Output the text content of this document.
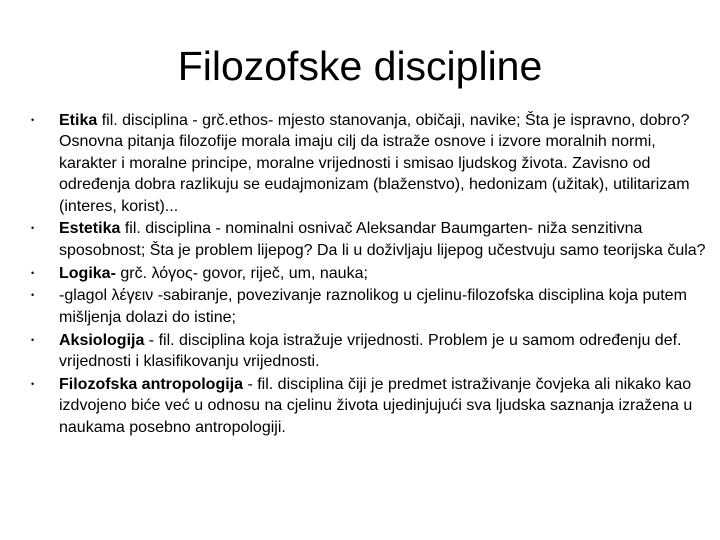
Filozofske discipline
•	Etika fil. disciplina - grč.ethos- mjesto stanovanja, običaji, navike; Šta je ispravno, dobro? Osnovna pitanja filozofije morala imaju cilj da istraže osnove i izvore moralnih normi, karakter i moralne principe, moralne vrijednosti i smisao ljudskog života. Zavisno od određenja dobra razlikuju se eudajmonizam (blaženstvo), hedonizam (užitak), utilitarizam (interes, korist)...
•	Estetika fil. disciplina - nominalni osnivač Aleksandar Baumgarten- niža senzitivna sposobnost; Šta je problem lijepog? Da li u doživljaju lijepog učestvuju samo teorijska čula?
•	Logika- grč. λόγος- govor, riječ, um, nauka;
•	-glagol λέγειν -sabiranje, povezivanje raznolikog u cjelinu-filozofska disciplina koja putem mišljenja dolazi do istine;
•	Aksiologija - fil. disciplina koja istražuje vrijednosti. Problem je u samom određenju def. vrijednosti i klasifikovanju vrijednosti.
•	Filozofska antropologija - fil. disciplina čiji je predmet istraživanje čovjeka ali nikako kao izdvojeno biće već u odnosu na cjelinu života ujedinjujući sva ljudska saznanja izražena u naukama posebno antropologiji.
